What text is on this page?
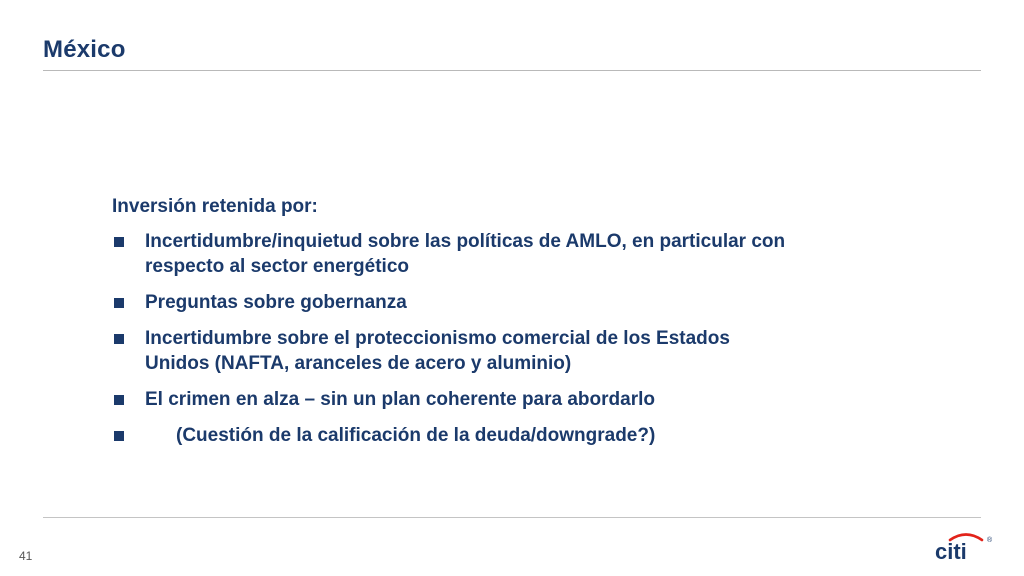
México
Inversión retenida por:
Incertidumbre/inquietud sobre las políticas de AMLO, en particular con respecto al sector energético
Preguntas sobre gobernanza
Incertidumbre sobre el proteccionismo comercial de los Estados Unidos (NAFTA, aranceles de acero y aluminio)
El crimen en alza – sin un plan coherente para abordarlo
(Cuestión de la calificación de la deuda/downgrade?)
41	citi	®
